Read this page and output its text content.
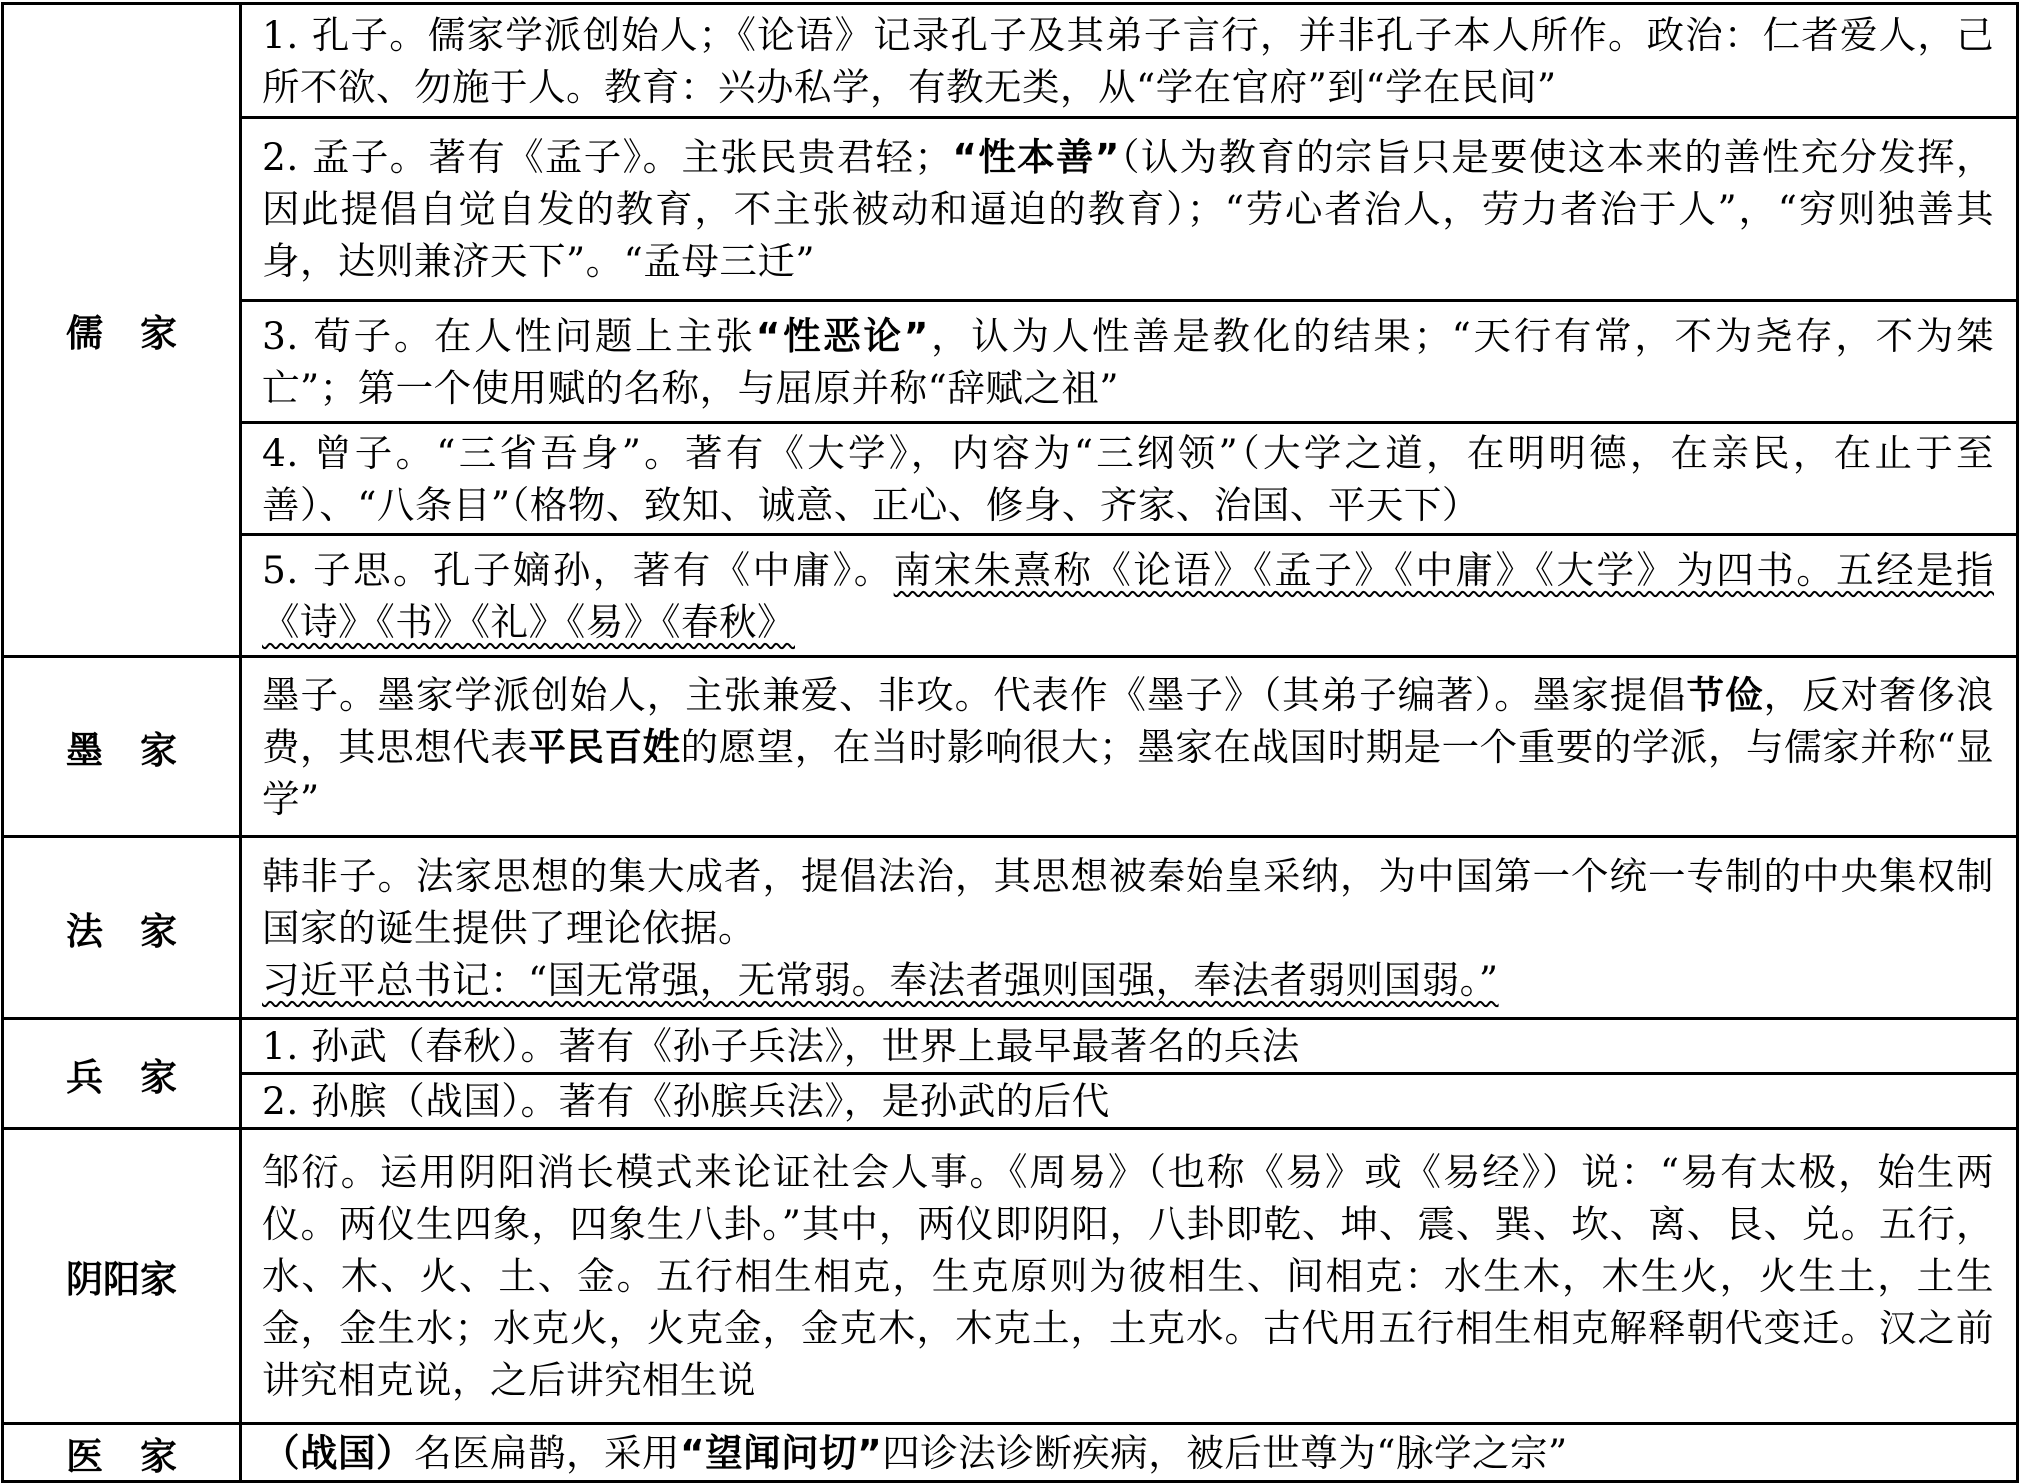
儒　家	1. 孔子。儒家学派创始人；《论语》记录孔子及其弟子言行，并非孔子本人所作。政治：仁者爱人，己所不欲、勿施于人。教育：兴办私学，有教无类，从“学在官府”到“学在民间”

	2. 孟子。著有《孟子》。主张民贵君轻；“性本善”（认为教育的宗旨只是要使这本来的善性充分发挥，因此提倡自觉自发的教育，不主张被动和逼迫的教育）；“劳心者治人，劳力者治于人”，“穷则独善其身，达则兼济天下”。“孟母三迁”
	3. 荀子。在人性问题上主张“性恶论”，认为人性善是教化的结果；“天行有常，不为尧存，不为桀亡”；第一个使用赋的名称，与屈原并称“辞赋之祖”

	4. 曾子。“三省吾身”。著有《大学》，内容为“三纲领”（大学之道，在明明德，在亲民，在止于至善）、“八条目”（格物、致知、诚意、正心、修身、齐家、治国、平天下）

	5. 子思。孔子嫡孙，著有《中庸》。南宋朱熹称《论语》《孟子》《中庸》《大学》为四书。五经是指《诗》《书》《礼》《易》《春秋》
墨　家	墨子。墨家学派创始人，主张兼爱、非攻。代表作《墨子》（其弟子编著）。墨家提倡节俭，反对奢侈浪费，其思想代表平民百姓的愿望，在当时影响很大；墨家在战国时期是一个重要的学派，与儒家并称“显学”
法　家	韩非子。法家思想的集大成者，提倡法治，其思想被秦始皇采纳，为中国第一个统一专制的中央集权制国家的诞生提供了理论依据。
习近平总书记：“国无常强，无常弱。奉法者强则国强，奉法者弱则国弱。”
兵　家	1. 孙武（春秋）。著有《孙子兵法》，世界上最早最著名的兵法

	2. 孙膑（战国）。著有《孙膑兵法》，是孙武的后代

阴阳家	邹衍。运用阴阳消长模式来论证社会人事。《周易》（也称《易》或《易经》）说：“易有太极，始生两仪。两仪生四象，四象生八卦。”其中，两仪即阴阳，八卦即乾、坤、震、巽、坎、离、艮、兑。五行，水、木、火、土、金。五行相生相克，生克原则为彼相生、间相克：水生木，木生火，火生土，土生金，金生水；水克火，火克金，金克木，木克土，土克水。古代用五行相生相克解释朝代变迁。汉之前讲究相克说，之后讲究相生说

医　家	（战国）名医扁鹊，采用“望闻问切”四诊法诊断疾病，被后世尊为“脉学之宗”
